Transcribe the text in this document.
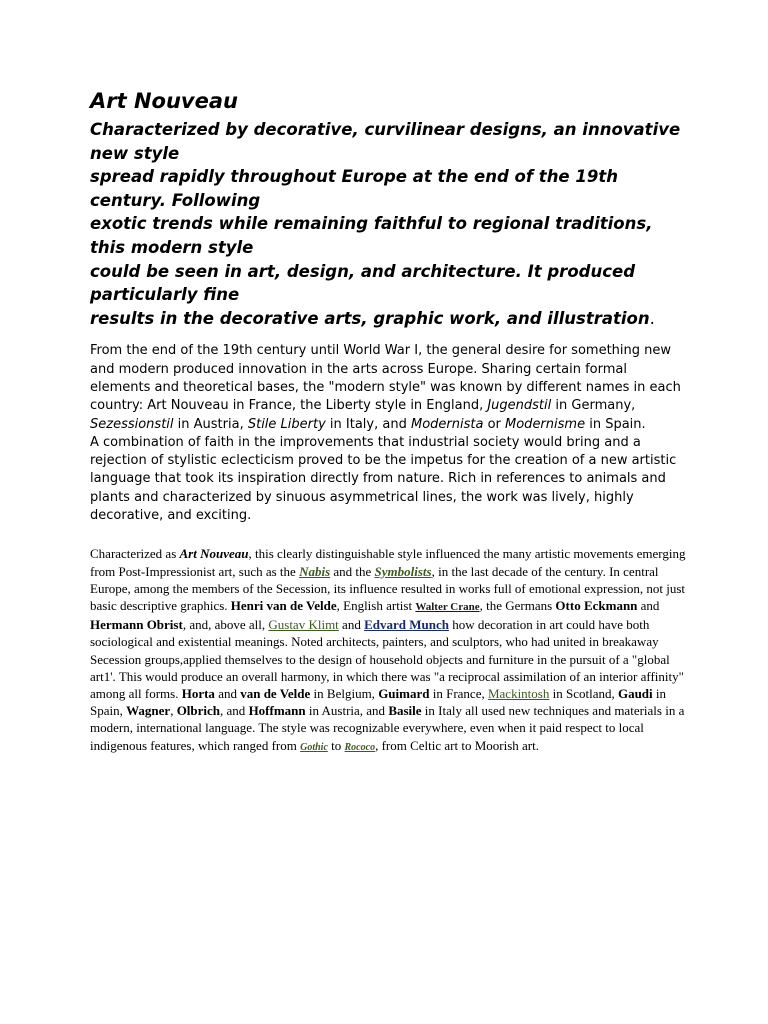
Art Nouveau

Characterized by decorative, curvilinear designs, an innovative new style
spread rapidly throughout Europe at the end of the 19th century. Following
exotic trends while remaining faithful to regional traditions, this modern style
could be seen in art, design, and architecture. It produced particularly fine
results in the decorative arts, graphic work, and illustration.

From the end of the 19th century until World War I, the general desire for something new and modern produced innovation in the arts across Europe. Sharing certain formal elements and theoretical bases, the "modern style" was known by different names in each country: Art Nouveau in France, the Liberty style in England, Jugendstil in Germany, Sezessionstil in Austria, Stile Liberty in Italy, and Modernista or Modernisme in Spain.

A combination of faith in the improvements that industrial society would bring and a rejection of stylistic eclecticism proved to be the impetus for the creation of a new artistic language that took its inspiration directly from nature. Rich in references to animals and plants and characterized by sinuous asymmetrical lines, the work was lively, highly decorative, and exciting.

Characterized as Art Nouveau, this clearly distinguishable style influenced the many artistic movements emerging from Post-Impressionist art, such as the Nabis and the Symbolists, in the last decade of the century. In central Europe, among the members of the Secession, its influence resulted in works full of emotional expression, not just basic descriptive graphics. Henri van de Velde, English artist Walter Crane, the Germans Otto Eckmann and Hermann Obrist, and, above all, Gustav Klimt and Edvard Munch how decoration in art could have both sociological and existential meanings. Noted architects, painters, and sculptors, who had united in breakaway Secession groups,applied themselves to the design of household objects and furniture in the pursuit of a "global art1'. This would produce an overall harmony, in which there was "a reciprocal assimilation of an interior affinity" among all forms. Horta and van de Velde in Belgium, Guimard in France, Mackintosh in Scotland, Gaudi in Spain, Wagner, Olbrich, and Hoffmann in Austria, and Basile in Italy all used new techniques and materials in a modern, international language. The style was recognizable everywhere, even when it paid respect to local indigenous features, which ranged from Gothic to Rococo, from Celtic art to Moorish art.
